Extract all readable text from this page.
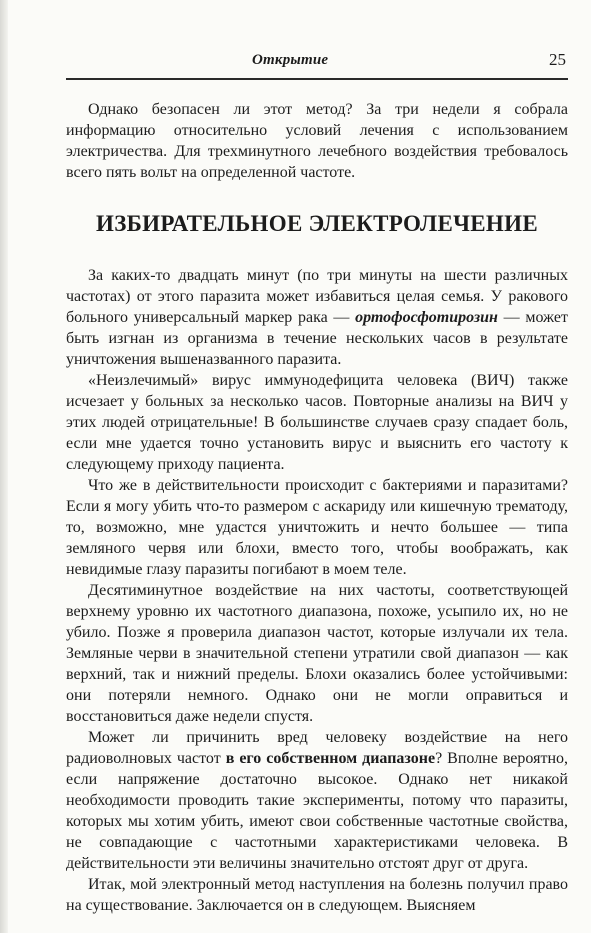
Открытие	25

Однако безопасен ли этот метод? За три недели я собрала информацию относительно условий лечения с использованием электричества. Для трехминутного лечебного воздействия требовалось всего пять вольт на определенной частоте.

ИЗБИРАТЕЛЬНОЕ ЭЛЕКТРОЛЕЧЕНИЕ

За каких-то двадцать минут (по три минуты на шести различных частотах) от этого паразита может избавиться целая семья. У ракового больного универсальный маркер рака — ортофосфотирозин — может быть изгнан из организма в течение нескольких часов в результате уничтожения вышеназванного паразита.

«Неизлечимый» вирус иммунодефицита человека (ВИЧ) также исчезает у больных за несколько часов. Повторные анализы на ВИЧ у этих людей отрицательные! В большинстве случаев сразу спадает боль, если мне удается точно установить вирус и выяснить его частоту к следующему приходу пациента.

Что же в действительности происходит с бактериями и паразитами? Если я могу убить что-то размером с аскариду или кишечную трематоду, то, возможно, мне удастся уничтожить и нечто большее — типа земляного червя или блохи, вместо того, чтобы воображать, как невидимые глазу паразиты погибают в моем теле.

Десятиминутное воздействие на них частоты, соответствующей верхнему уровню их частотного диапазона, похоже, усыпило их, но не убило. Позже я проверила диапазон частот, которые излучали их тела. Земляные черви в значительной степени утратили свой диапазон — как верхний, так и нижний пределы. Блохи оказались более устойчивыми: они потеряли немного. Однако они не могли оправиться и восстановиться даже недели спустя.

Может ли причинить вред человеку воздействие на него радиоволновых частот в его собственном диапазоне? Вполне вероятно, если напряжение достаточно высокое. Однако нет никакой необходимости проводить такие эксперименты, потому что паразиты, которых мы хотим убить, имеют свои собственные частотные свойства, не совпадающие с частотными характеристиками человека. В действительности эти величины значительно отстоят друг от друга.

Итак, мой электронный метод наступления на болезнь получил право на существование. Заключается он в следующем. Выясняем
